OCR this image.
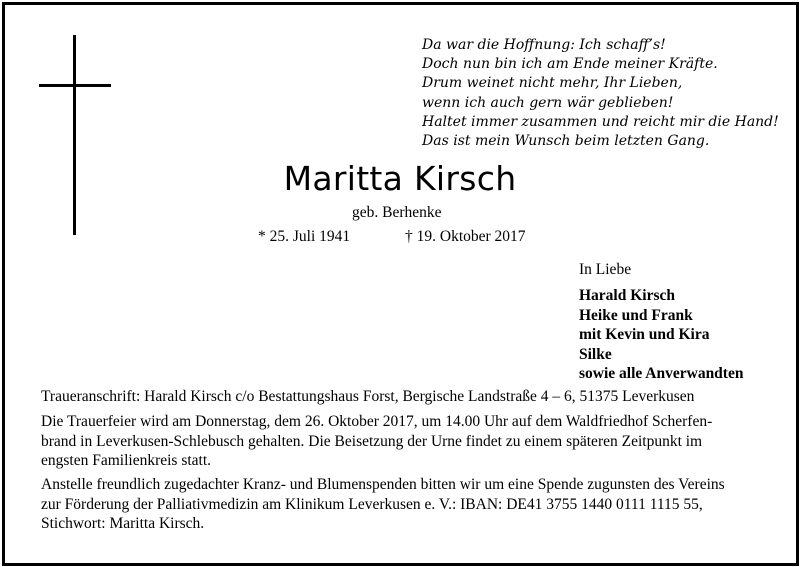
Da war die Hoffnung: Ich schaff’s!
Doch nun bin ich am Ende meiner Kräfte.
Drum weinet nicht mehr, Ihr Lieben,
wenn ich auch gern wär geblieben!
Haltet immer zusammen und reicht mir die Hand!
Das ist mein Wunsch beim letzten Gang.
Maritta Kirsch
geb. Berhenke
* 25. Juli 1941	† 19. Oktober 2017
In Liebe
Harald Kirsch
Heike und Frank
mit Kevin und Kira
Silke
sowie alle Anverwandten
Traueranschrift: Harald Kirsch c/o Bestattungshaus Forst, Bergische Landstraße 4 – 6, 51375 Leverkusen
Die Trauerfeier wird am Donnerstag, dem 26. Oktober 2017, um 14.00 Uhr auf dem Waldfriedhof Scherfen-
brand in Leverkusen-Schlebusch gehalten. Die Beisetzung der Urne findet zu einem späteren Zeitpunkt im
engsten Familienkreis statt.
Anstelle freundlich zugedachter Kranz- und Blumenspenden bitten wir um eine Spende zugunsten des Vereins
zur Förderung der Palliativmedizin am Klinikum Leverkusen e. V.: IBAN: DE41 3755 1440 0111 1115 55,
Stichwort: Maritta Kirsch.
